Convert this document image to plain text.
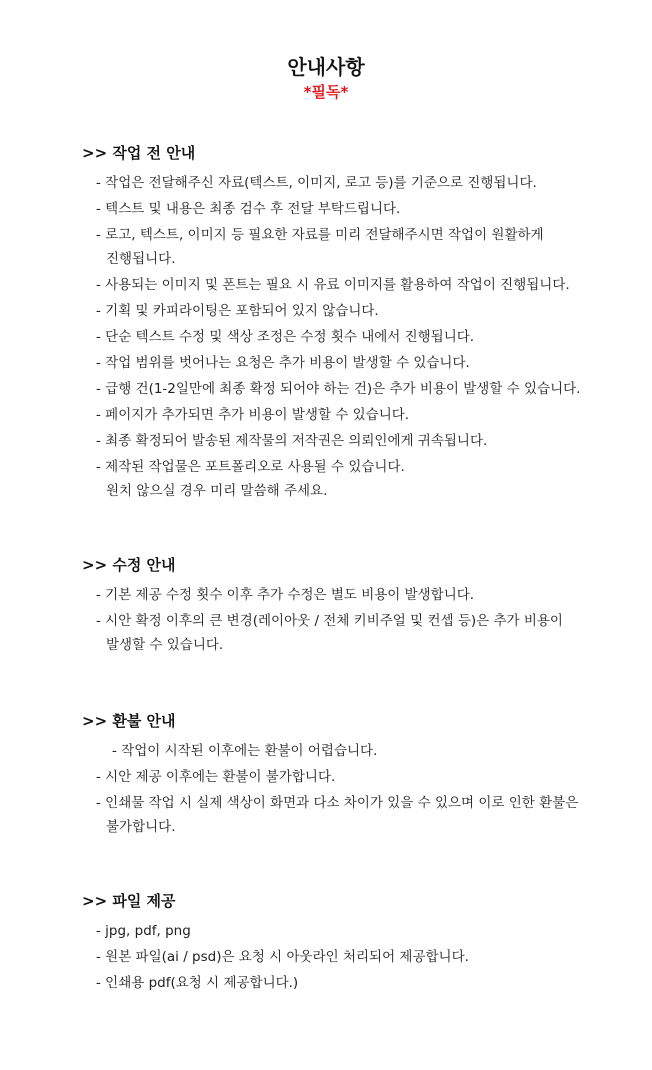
안내사항
*필독*
>> 작업 전 안내
- 작업은 전달해주신 자료(텍스트, 이미지, 로고 등)를 기준으로 진행됩니다.
- 텍스트 및 내용은 최종 검수 후 전달 부탁드립니다.
- 로고, 텍스트, 이미지 등 필요한 자료를 미리 전달해주시면 작업이 원활하게
진행됩니다.
- 사용되는 이미지 및 폰트는 필요 시 유료 이미지를 활용하여 작업이 진행됩니다.
- 기획 및 카피라이팅은 포함되어 있지 않습니다.
- 단순 텍스트 수정 및 색상 조정은 수정 횟수 내에서 진행됩니다.
- 작업 범위를 벗어나는 요청은 추가 비용이 발생할 수 있습니다.
- 급행 건(1-2일만에 최종 확정 되어야 하는 건)은 추가 비용이 발생할 수 있습니다.
- 페이지가 추가되면 추가 비용이 발생할 수 있습니다.
- 최종 확정되어 발송된 제작물의 저작권은 의뢰인에게 귀속됩니다.
- 제작된 작업물은 포트폴리오로 사용될 수 있습니다.
원치 않으실 경우 미리 말씀해 주세요.
>> 수정 안내
- 기본 제공 수정 횟수 이후 추가 수정은 별도 비용이 발생합니다.
- 시안 확정 이후의 큰 변경(레이아웃 / 전체 키비주얼 및 컨셉 등)은 추가 비용이
발생할 수 있습니다.
>> 환불 안내
- 작업이 시작된 이후에는 환불이 어렵습니다.
- 시안 제공 이후에는 환불이 불가합니다.
- 인쇄물 작업 시 실제 색상이 화면과 다소 차이가 있을 수 있으며 이로 인한 환불은
불가합니다.
>> 파일 제공
- jpg, pdf, png
- 원본 파일(ai / psd)은 요청 시 아웃라인 처리되어 제공합니다.
- 인쇄용 pdf(요청 시 제공합니다.)
